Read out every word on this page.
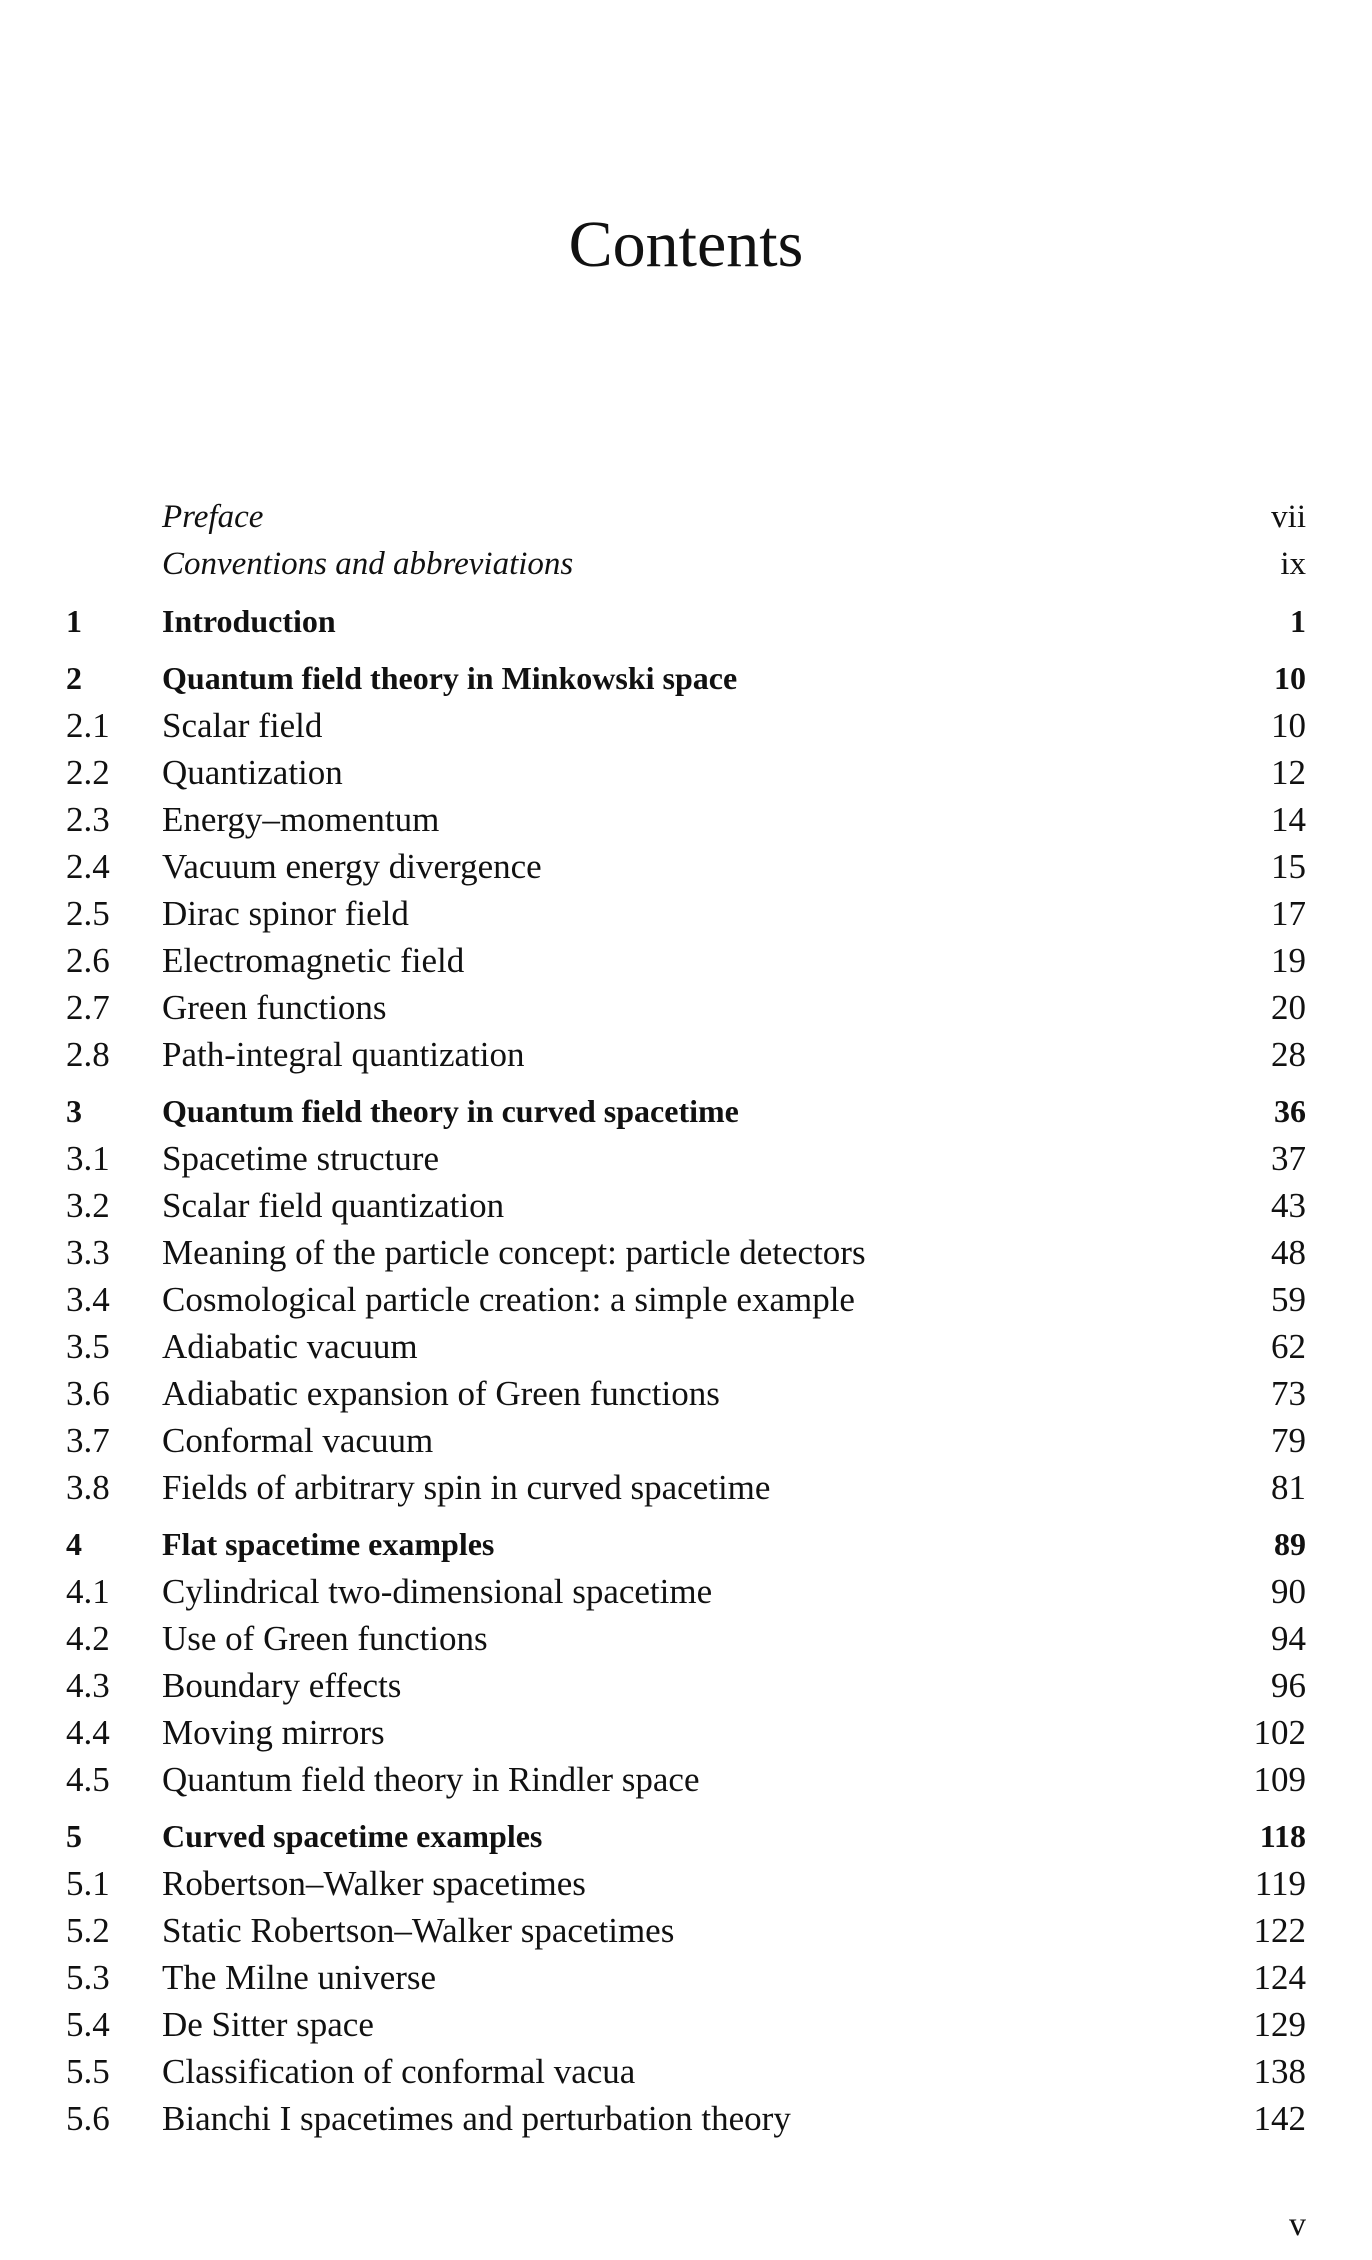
Contents
Preface	vii
Conventions and abbreviations	ix
1	Introduction	1
2	Quantum field theory in Minkowski space	10
2.1	Scalar field	10
2.2	Quantization	12
2.3	Energy–momentum	14
2.4	Vacuum energy divergence	15
2.5	Dirac spinor field	17
2.6	Electromagnetic field	19
2.7	Green functions	20
2.8	Path-integral quantization	28
3	Quantum field theory in curved spacetime	36
3.1	Spacetime structure	37
3.2	Scalar field quantization	43
3.3	Meaning of the particle concept: particle detectors	48
3.4	Cosmological particle creation: a simple example	59
3.5	Adiabatic vacuum	62
3.6	Adiabatic expansion of Green functions	73
3.7	Conformal vacuum	79
3.8	Fields of arbitrary spin in curved spacetime	81
4	Flat spacetime examples	89
4.1	Cylindrical two-dimensional spacetime	90
4.2	Use of Green functions	94
4.3	Boundary effects	96
4.4	Moving mirrors	102
4.5	Quantum field theory in Rindler space	109
5	Curved spacetime examples	118
5.1	Robertson–Walker spacetimes	119
5.2	Static Robertson–Walker spacetimes	122
5.3	The Milne universe	124
5.4	De Sitter space	129
5.5	Classification of conformal vacua	138
5.6	Bianchi I spacetimes and perturbation theory	142

v
